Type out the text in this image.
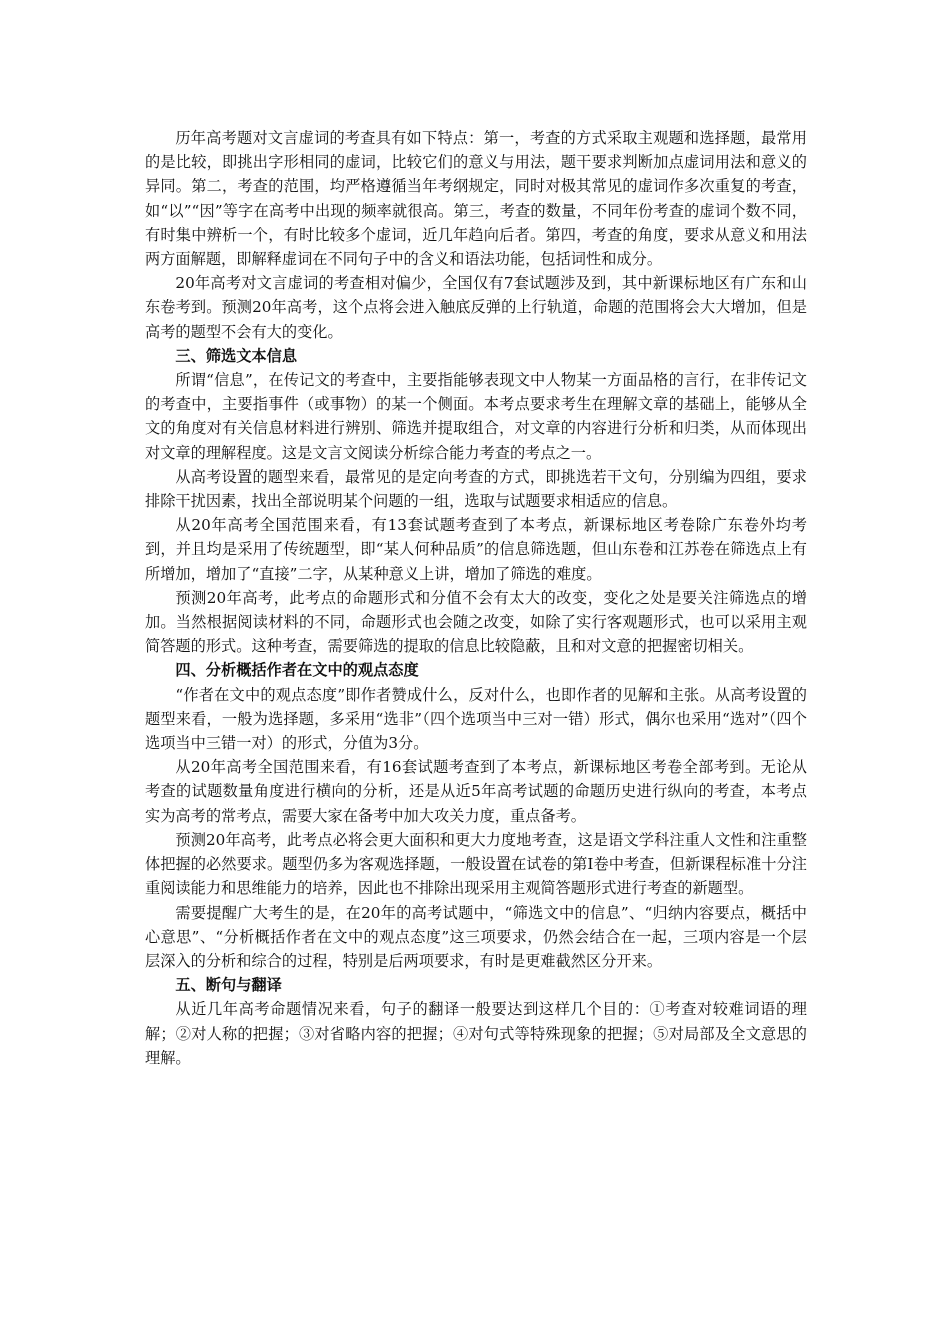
历年高考题对文言虚词的考查具有如下特点：第一，考查的方式采取主观题和选择题，最常用的是比较，即挑出字形相同的虚词，比较它们的意义与用法，题干要求判断加点虚词用法和意义的异同。第二，考查的范围，均严格遵循当年考纲规定，同时对极其常见的虚词作多次重复的考查，如“以”“因”等字在高考中出现的频率就很高。第三，考查的数量，不同年份考查的虚词个数不同，有时集中辨析一个，有时比较多个虚词，近几年趋向后者。第四，考查的角度，要求从意义和用法两方面解题，即解释虚词在不同句子中的含义和语法功能，包括词性和成分。

20年高考对文言虚词的考查相对偏少，全国仅有7套试题涉及到，其中新课标地区有广东和山东卷考到。预测20年高考，这个点将会进入触底反弹的上行轨道，命题的范围将会大大增加，但是高考的题型不会有大的变化。

三、筛选文本信息

所谓“信息”，在传记文的考查中，主要指能够表现文中人物某一方面品格的言行，在非传记文的考查中，主要指事件（或事物）的某一个侧面。本考点要求考生在理解文章的基础上，能够从全文的角度对有关信息材料进行辨别、筛选并提取组合，对文章的内容进行分析和归类，从而体现出对文章的理解程度。这是文言文阅读分析综合能力考查的考点之一。

从高考设置的题型来看，最常见的是定向考查的方式，即挑选若干文句，分别编为四组，要求排除干扰因素，找出全部说明某个问题的一组，选取与试题要求相适应的信息。

从20年高考全国范围来看，有13套试题考查到了本考点，新课标地区考卷除广东卷外均考到，并且均是采用了传统题型，即“某人何种品质”的信息筛选题，但山东卷和江苏卷在筛选点上有所增加，增加了“直接”二字，从某种意义上讲，增加了筛选的难度。

预测20年高考，此考点的命题形式和分值不会有太大的改变，变化之处是要关注筛选点的增加。当然根据阅读材料的不同，命题形式也会随之改变，如除了实行客观题形式，也可以采用主观简答题的形式。这种考查，需要筛选的提取的信息比较隐蔽，且和对文意的把握密切相关。

四、分析概括作者在文中的观点态度

“作者在文中的观点态度”即作者赞成什么，反对什么，也即作者的见解和主张。从高考设置的题型来看，一般为选择题，多采用“选非”（四个选项当中三对一错）形式，偶尔也采用“选对”（四个选项当中三错一对）的形式，分值为3分。

从20年高考全国范围来看，有16套试题考查到了本考点，新课标地区考卷全部考到。无论从考查的试题数量角度进行横向的分析，还是从近5年高考试题的命题历史进行纵向的考查，本考点实为高考的常考点，需要大家在备考中加大攻关力度，重点备考。

预测20年高考，此考点必将会更大面积和更大力度地考查，这是语文学科注重人文性和注重整体把握的必然要求。题型仍多为客观选择题，一般设置在试卷的第Ⅰ卷中考查，但新课程标准十分注重阅读能力和思维能力的培养，因此也不排除出现采用主观简答题形式进行考查的新题型。

需要提醒广大考生的是，在20年的高考试题中，“筛选文中的信息”、“归纳内容要点，概括中心意思”、“分析概括作者在文中的观点态度”这三项要求，仍然会结合在一起，三项内容是一个层层深入的分析和综合的过程，特别是后两项要求，有时是更难截然区分开来。

五、断句与翻译

从近几年高考命题情况来看，句子的翻译一般要达到这样几个目的：①考查对较难词语的理解；②对人称的把握；③对省略内容的把握；④对句式等特殊现象的把握；⑤对局部及全文意思的理解。
